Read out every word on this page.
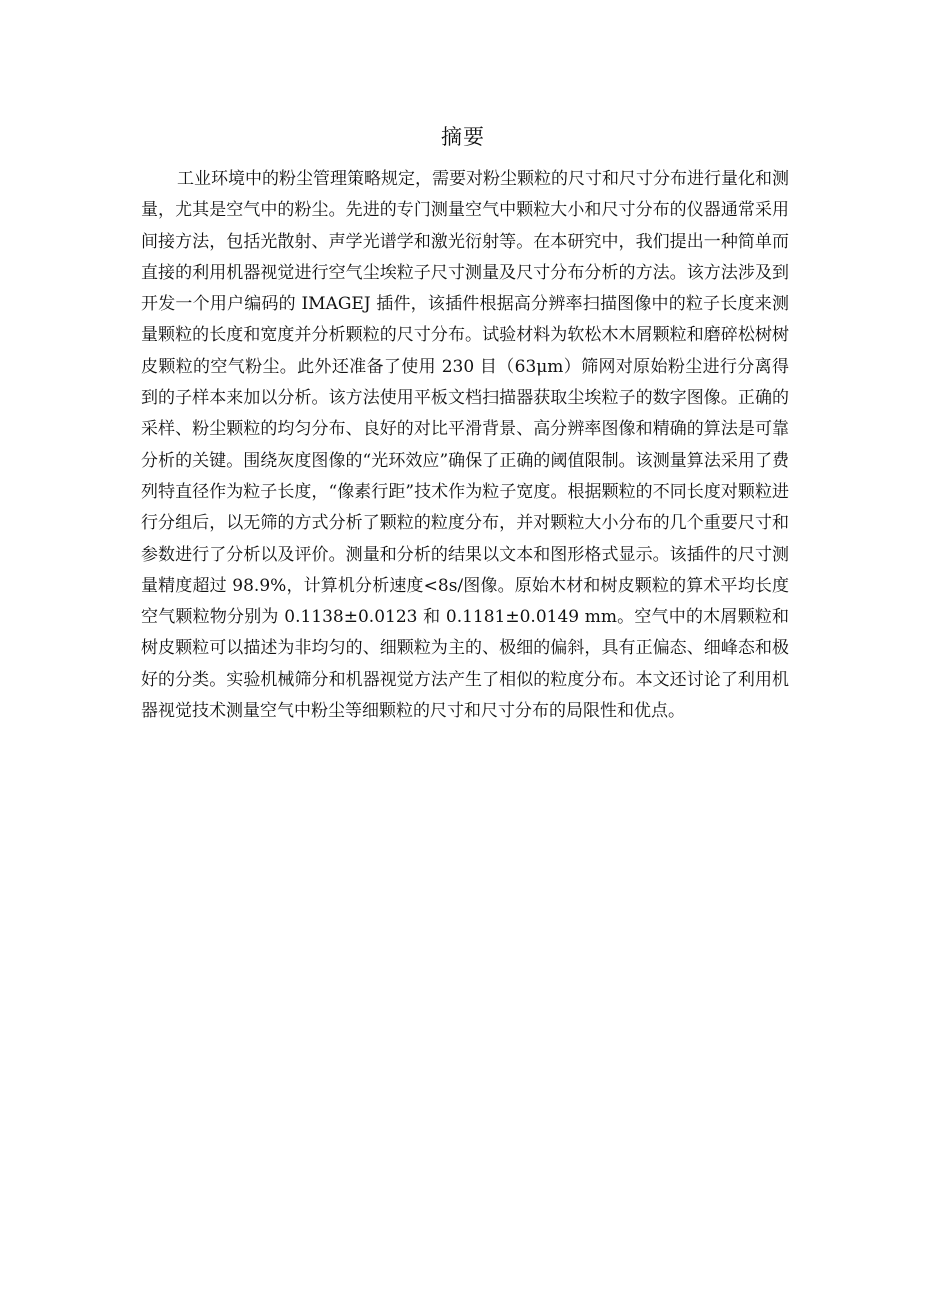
摘要

工业环境中的粉尘管理策略规定，需要对粉尘颗粒的尺寸和尺寸分布进行量化和测量，尤其是空气中的粉尘。先进的专门测量空气中颗粒大小和尺寸分布的仪器通常采用间接方法，包括光散射、声学光谱学和激光衍射等。在本研究中，我们提出一种简单而直接的利用机器视觉进行空气尘埃粒子尺寸测量及尺寸分布分析的方法。该方法涉及到开发一个用户编码的 IMAGEJ 插件，该插件根据高分辨率扫描图像中的粒子长度来测量颗粒的长度和宽度并分析颗粒的尺寸分布。试验材料为软松木木屑颗粒和磨碎松树树皮颗粒的空气粉尘。此外还准备了使用 230 目（63μm）筛网对原始粉尘进行分离得到的子样本来加以分析。该方法使用平板文档扫描器获取尘埃粒子的数字图像。正确的采样、粉尘颗粒的均匀分布、良好的对比平滑背景、高分辨率图像和精确的算法是可靠分析的关键。围绕灰度图像的“光环效应”确保了正确的阈值限制。该测量算法采用了费列特直径作为粒子长度，“像素行距”技术作为粒子宽度。根据颗粒的不同长度对颗粒进行分组后，以无筛的方式分析了颗粒的粒度分布，并对颗粒大小分布的几个重要尺寸和参数进行了分析以及评价。测量和分析的结果以文本和图形格式显示。该插件的尺寸测量精度超过 98.9%，计算机分析速度<8s/图像。原始木材和树皮颗粒的算术平均长度空气颗粒物分别为 0.1138±0.0123 和 0.1181±0.0149 mm。空气中的木屑颗粒和树皮颗粒可以描述为非均匀的、细颗粒为主的、极细的偏斜，具有正偏态、细峰态和极好的分类。实验机械筛分和机器视觉方法产生了相似的粒度分布。本文还讨论了利用机器视觉技术测量空气中粉尘等细颗粒的尺寸和尺寸分布的局限性和优点。
